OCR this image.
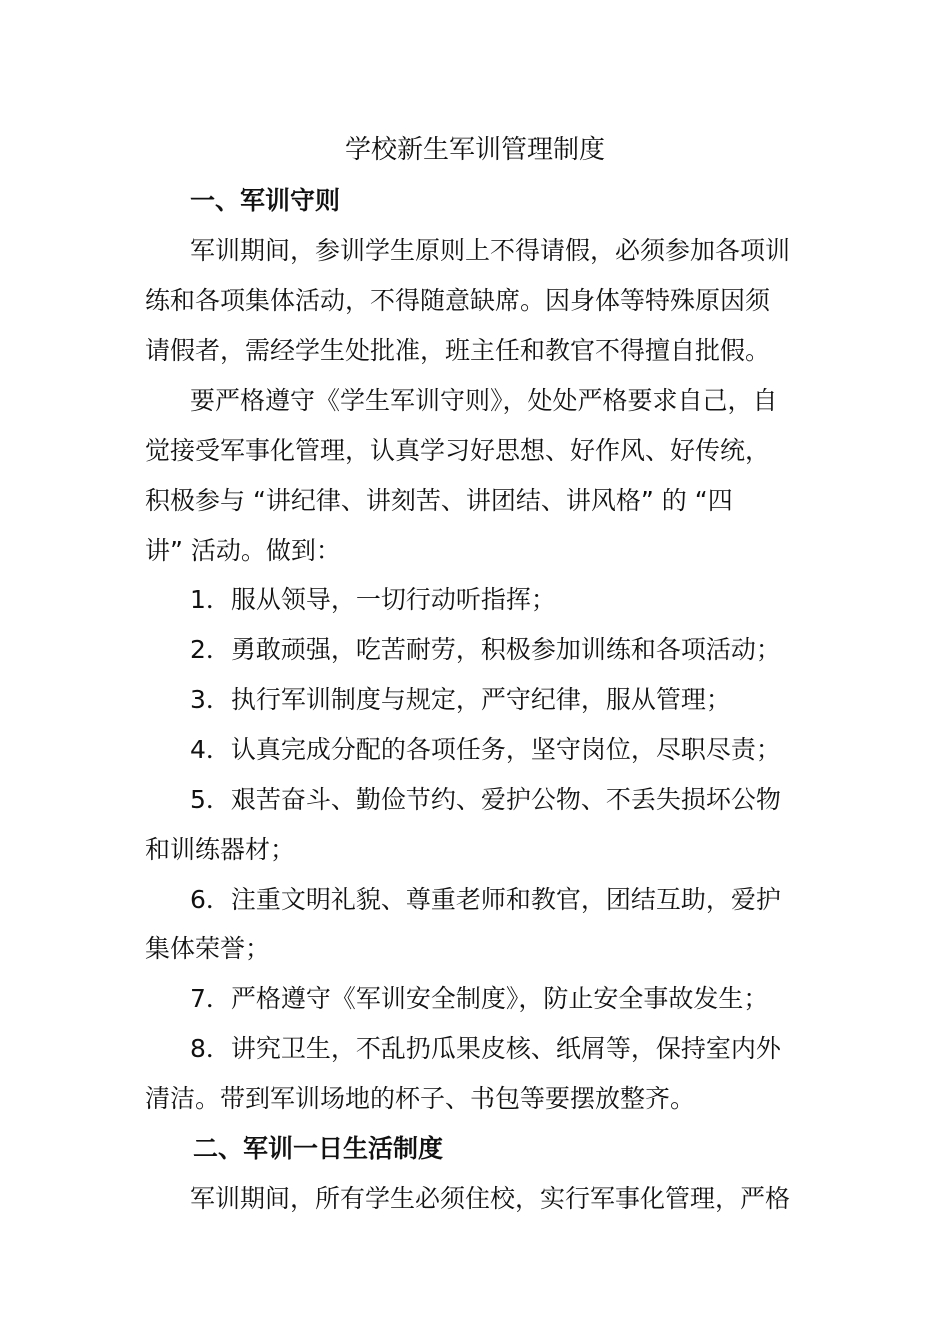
学校新生军训管理制度
一、军训守则
军训期间，参训学生原则上不得请假，必须参加各项训
练和各项集体活动，不得随意缺席。因身体等特殊原因须
请假者，需经学生处批准，班主任和教官不得擅自批假。
要严格遵守《学生军训守则》，处处严格要求自己，自
觉接受军事化管理，认真学习好思想、好作风、好传统，
积极参与 “讲纪律、讲刻苦、讲团结、讲风格” 的 “四
讲” 活动。做到：
1．服从领导，一切行动听指挥；
2．勇敢顽强，吃苦耐劳，积极参加训练和各项活动；
3．执行军训制度与规定，严守纪律，服从管理；
4．认真完成分配的各项任务，坚守岗位，尽职尽责；
5．艰苦奋斗、勤俭节约、爱护公物、不丢失损坏公物
和训练器材；
6．注重文明礼貌、尊重老师和教官，团结互助，爱护
集体荣誉；
7．严格遵守《军训安全制度》，防止安全事故发生；
8．讲究卫生，不乱扔瓜果皮核、纸屑等，保持室内外
清洁。带到军训场地的杯子、书包等要摆放整齐。
二、军训一日生活制度
军训期间，所有学生必须住校，实行军事化管理，严格
